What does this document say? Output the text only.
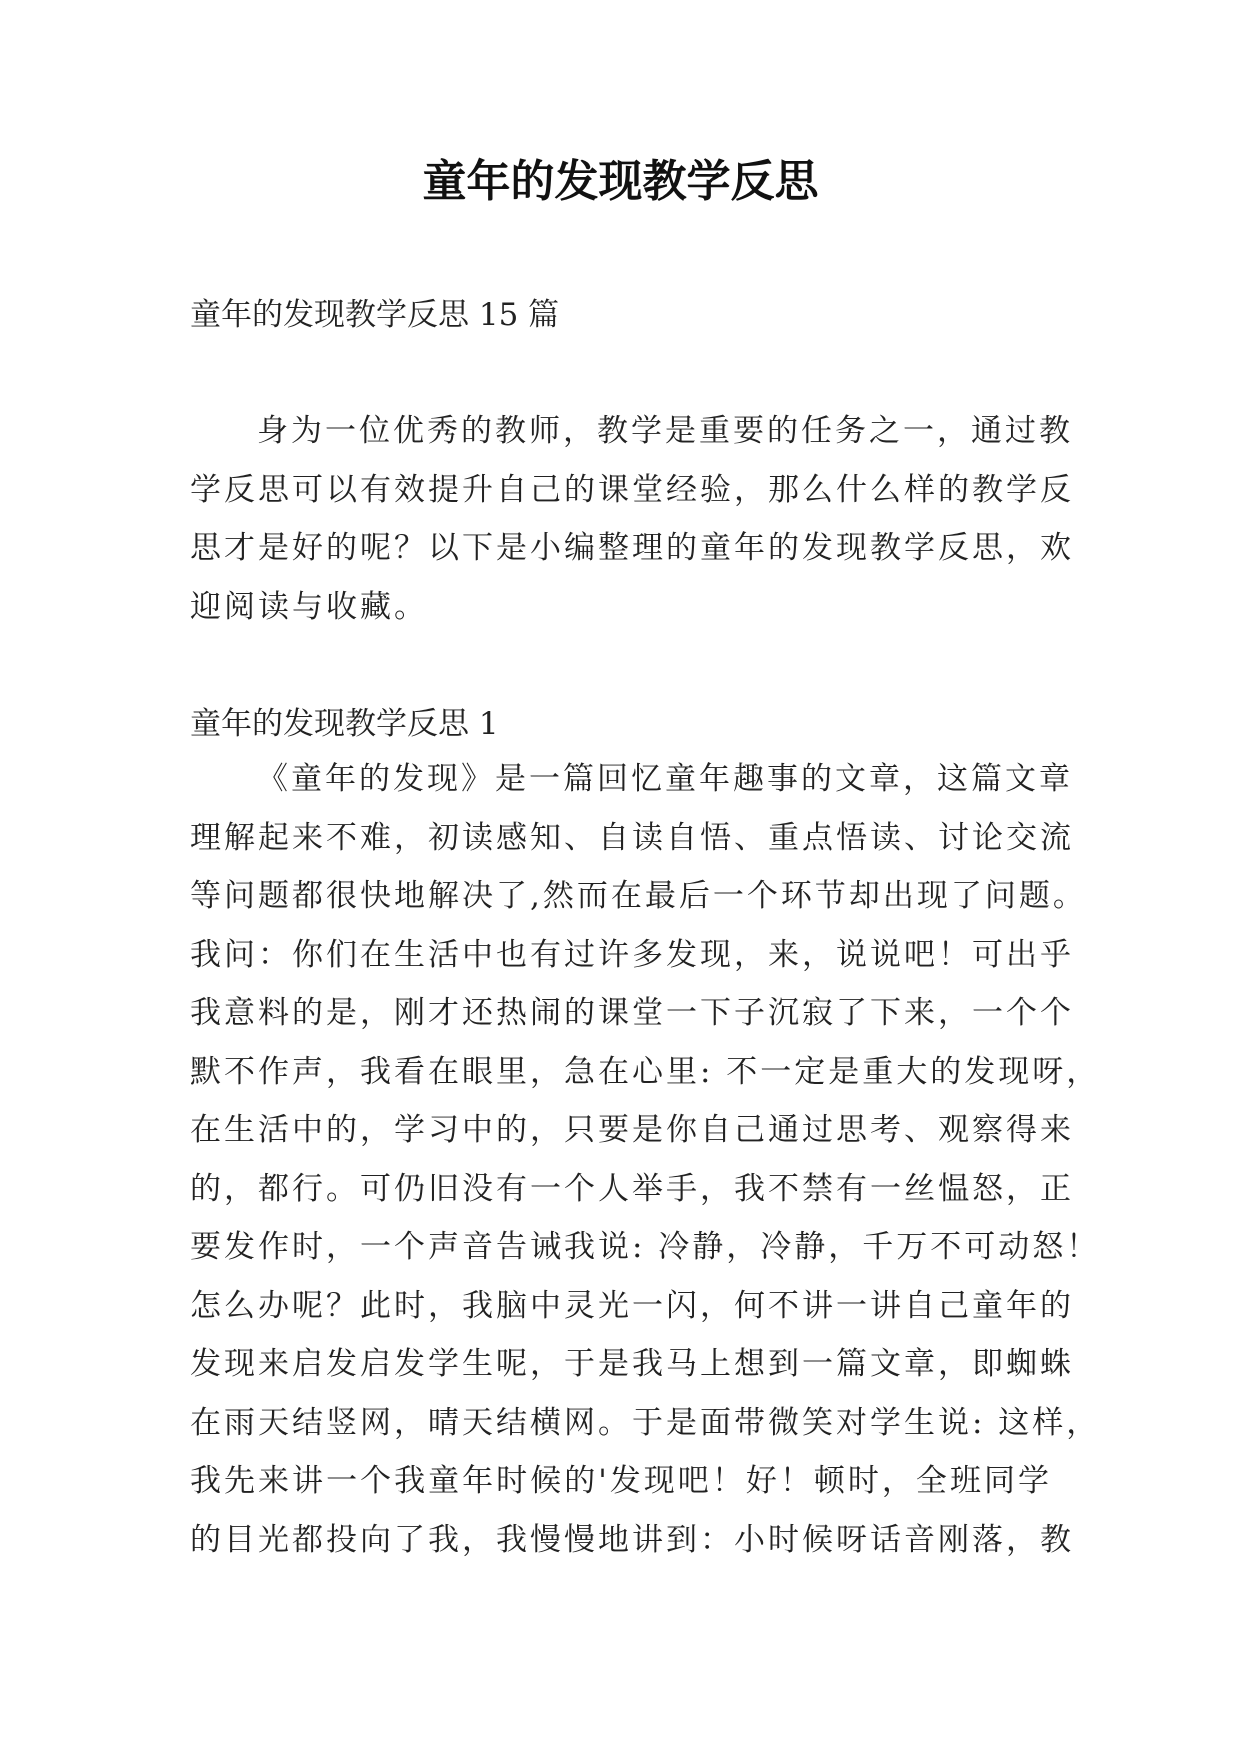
童年的发现教学反思
童年的发现教学反思 15 篇
身为一位优秀的教师，教学是重要的任务之一，通过教
学反思可以有效提升自己的课堂经验，那么什么样的教学反
思才是好的呢？以下是小编整理的童年的发现教学反思，欢
迎阅读与收藏。
童年的发现教学反思 1
《童年的发现》是一篇回忆童年趣事的文章，这篇文章
理解起来不难，初读感知、自读自悟、重点悟读、讨论交流
等问题都很快地解决了,然而在最后一个环节却出现了问题。
我问：你们在生活中也有过许多发现，来，说说吧！可出乎
我意料的是，刚才还热闹的课堂一下子沉寂了下来，一个个
默不作声，我看在眼里，急在心里: 不一定是重大的发现呀，
在生活中的，学习中的，只要是你自己通过思考、观察得来
的，都行。可仍旧没有一个人举手，我不禁有一丝愠怒，正
要发作时，一个声音告诫我说: 冷静，冷静，千万不可动怒！
怎么办呢？此时，我脑中灵光一闪，何不讲一讲自己童年的
发现来启发启发学生呢，于是我马上想到一篇文章，即蜘蛛
在雨天结竖网，晴天结横网。于是面带微笑对学生说: 这样，
我先来讲一个我童年时候的'发现吧！好！顿时，全班同学
的目光都投向了我，我慢慢地讲到：小时候呀话音刚落，教
